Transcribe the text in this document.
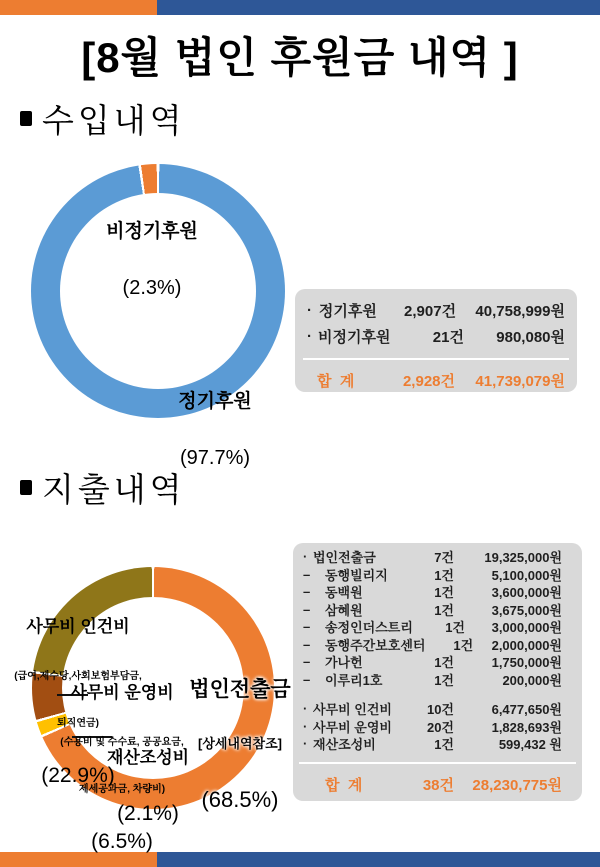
[8월 법인 후원금 내역 ]
수입내역

비정기후원

(2.3%)

정기후원

(97.7%)

· 정기후원	2,907건	40,758,999원
· 비정기후원	21건	980,080원
합  계	2,928건	41,739,079원
지출내역

사무비 인건비

(급여,제수당,사회보험부담금,

퇴직연금)

(22.9%)

사무비 운영비

(수용비 및 수수료, 공공요금,

제세공과금, 차량비)

(6.5%)

재산조성비

(2.1%)

법인전출금

[상세내역참조]

(68.5%)

· 법인전출금	7건	19,325,000원
– 동행빌리지	1건	5,100,000원
– 동백원	1건	3,600,000원
– 삼혜원	1건	3,675,000원
– 송정인더스트리	1건	3,000,000원
– 동행주간보호센터	1건	2,000,000원
– 가나헌	1건	1,750,000원
– 이루리1호	1건	200,000원
· 사무비 인건비	10건	6,477,650원
· 사무비 운영비	20건	1,828,693원
· 재산조성비	1건	599,432 원
합  계	38건	28,230,775원
